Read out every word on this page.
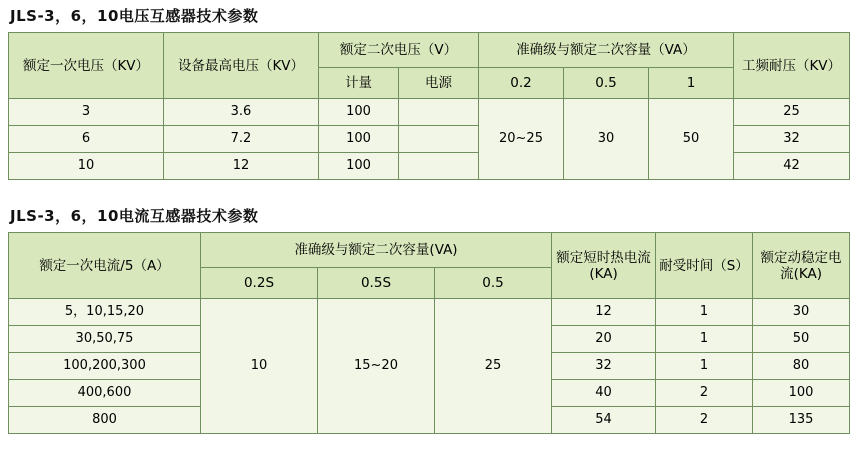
JLS-3，6，10电压互感器技术参数
额定一次电压（KV）	设备最高电压（KV）	额定二次电压（V）		准确级与额定二次容量（VA）			工频耐压（KV）
		计量	电源	0.2	0.5	1	
3	3.6	100		20~25	30	50	25
6	7.2	100					32
10	12	100					42
JLS-3，6，10电流互感器技术参数
额定一次电流/5（A）	准确级与额定二次容量(VA)			额定短时热电流(KA)	耐受时间（S）	额定动稳定电流(KA)
	0.2S	0.5S	0.5			
5，10,15,20	10	15~20	25	12	1	30
30,50,75				20	1	50
100,200,300				32	1	80
400,600				40	2	100
800				54	2	135
